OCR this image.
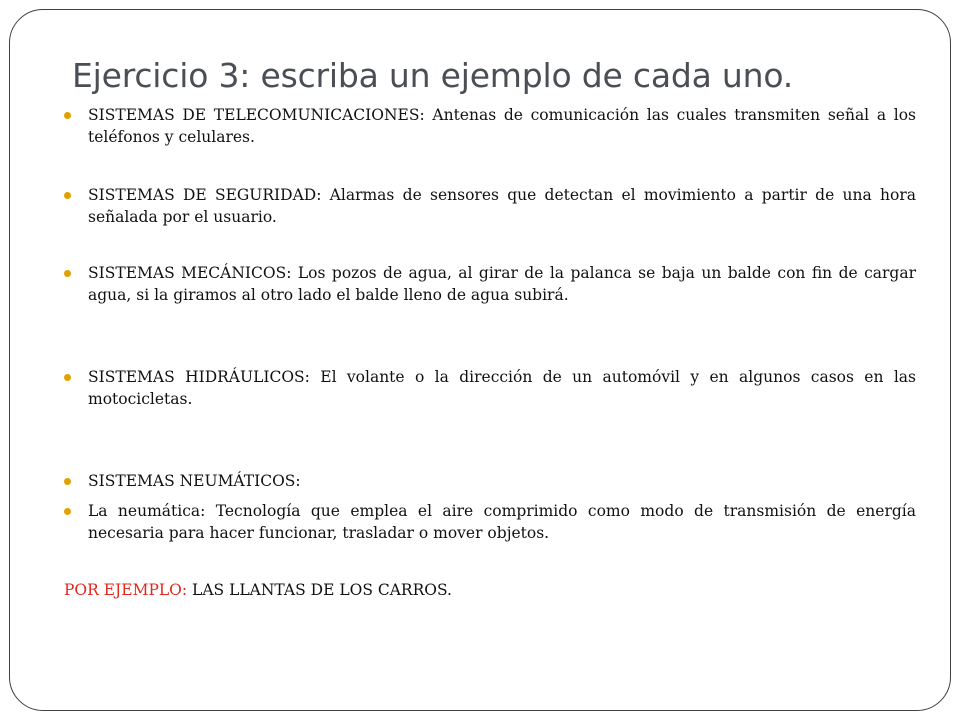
Ejercicio 3: escriba un ejemplo de cada uno.
SISTEMAS DE TELECOMUNICACIONES: Antenas de comunicación las cuales transmiten señal a los teléfonos y celulares.
SISTEMAS DE SEGURIDAD: Alarmas de sensores que detectan el movimiento a partir de una hora señalada por el usuario.
SISTEMAS MECÁNICOS: Los pozos de agua, al girar de la palanca se baja un balde con fin de cargar agua, si la giramos al otro lado el balde lleno de agua subirá.
SISTEMAS HIDRÁULICOS: El volante o la dirección de un automóvil y en algunos casos en las motocicletas.
SISTEMAS NEUMÁTICOS:
La neumática: Tecnología que emplea el aire comprimido como modo de transmisión de energía necesaria para hacer funcionar, trasladar o mover objetos.
POR EJEMPLO: LAS LLANTAS DE LOS CARROS.
